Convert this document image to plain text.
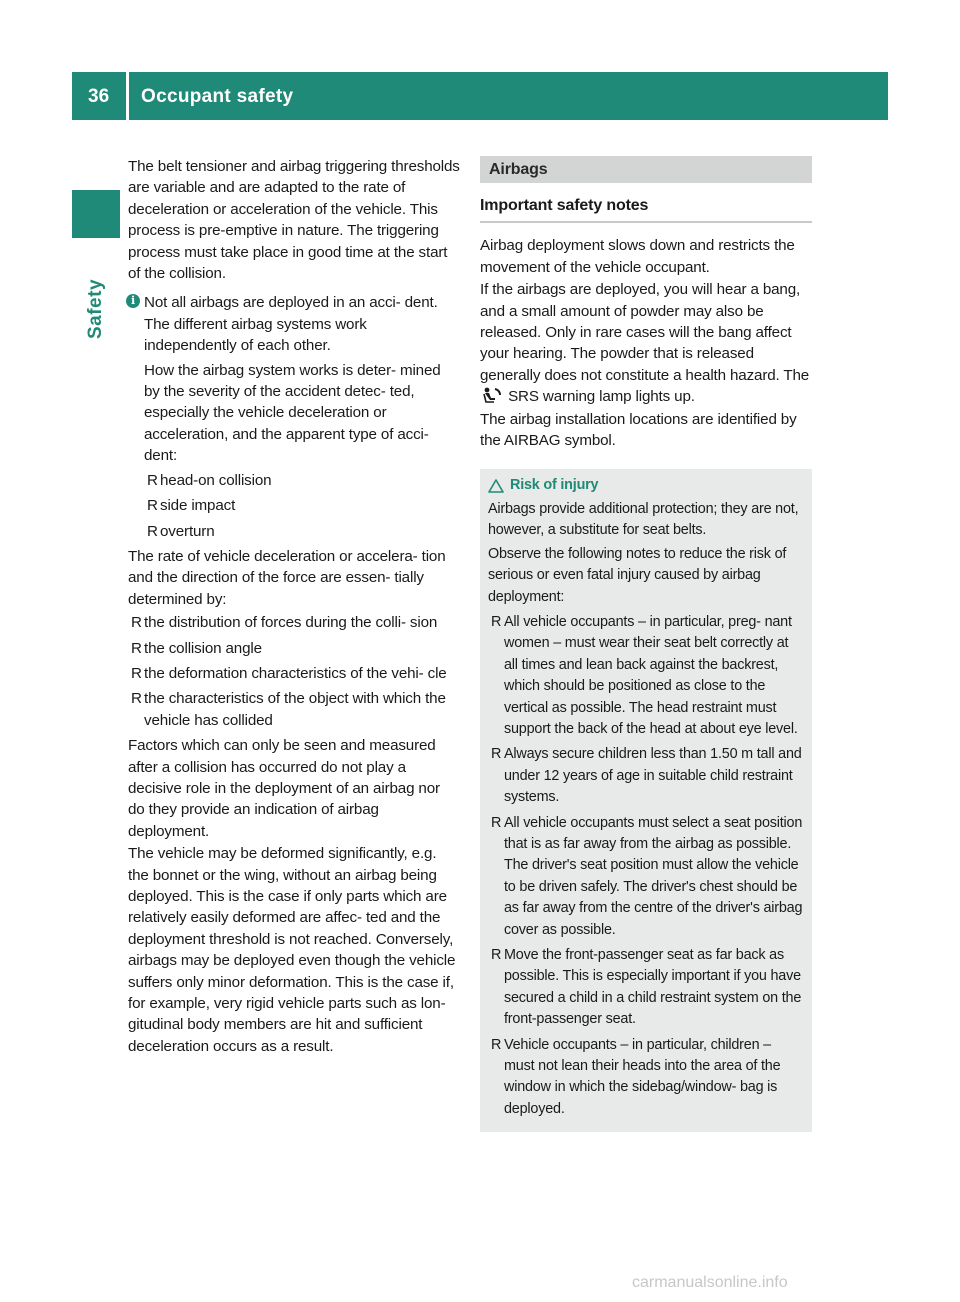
36 Occupant safety
Safety

The belt tensioner and airbag triggering thresholds are variable and are adapted to the rate of deceleration or acceleration of the vehicle. This process is pre-emptive in nature. The triggering process must take place in good time at the start of the collision.

i Not all airbags are deployed in an acci- dent. The different airbag systems work independently of each other.

How the airbag system works is deter- mined by the severity of the accident detec- ted, especially the vehicle deceleration or acceleration, and the apparent type of acci- dent:

R head-on collision
R side impact
R overturn

The rate of vehicle deceleration or accelera- tion and the direction of the force are essen- tially determined by:

R the distribution of forces during the colli- sion
R the collision angle
R the deformation characteristics of the vehi- cle
R the characteristics of the object with which the vehicle has collided

Factors which can only be seen and measured after a collision has occurred do not play a decisive role in the deployment of an airbag nor do they provide an indication of airbag deployment.

The vehicle may be deformed significantly, e.g. the bonnet or the wing, without an airbag being deployed. This is the case if only parts which are relatively easily deformed are affec- ted and the deployment threshold is not reached. Conversely, airbags may be deployed even though the vehicle suffers only minor deformation. This is the case if, for example, very rigid vehicle parts such as lon- gitudinal body members are hit and sufficient deceleration occurs as a result.

Airbags
Important safety notes

Airbag deployment slows down and restricts the movement of the vehicle occupant.

If the airbags are deployed, you will hear a bang, and a small amount of powder may also be released. Only in rare cases will the bang affect your hearing. The powder that is released generally does not constitute a health hazard. The  SRS warning lamp lights up.

The airbag installation locations are identified by the AIRBAG symbol.

Risk of injury

Airbags provide additional protection; they are not, however, a substitute for seat belts.

Observe the following notes to reduce the risk of serious or even fatal injury caused by airbag deployment:

R All vehicle occupants – in particular, preg- nant women – must wear their seat belt correctly at all times and lean back against the backrest, which should be positioned as close to the vertical as possible. The head restraint must support the back of the head at about eye level.
R Always secure children less than 1.50 m tall and under 12 years of age in suitable child restraint systems.
R All vehicle occupants must select a seat position that is as far away from the airbag as possible. The driver's seat position must allow the vehicle to be driven safely. The driver's chest should be as far away from the centre of the driver's airbag cover as possible.
R Move the front-passenger seat as far back as possible. This is especially important if you have secured a child in a child restraint system on the front-passenger seat.
R Vehicle occupants – in particular, children – must not lean their heads into the area of the window in which the sidebag/window- bag is deployed.
carmanualsonline.info
